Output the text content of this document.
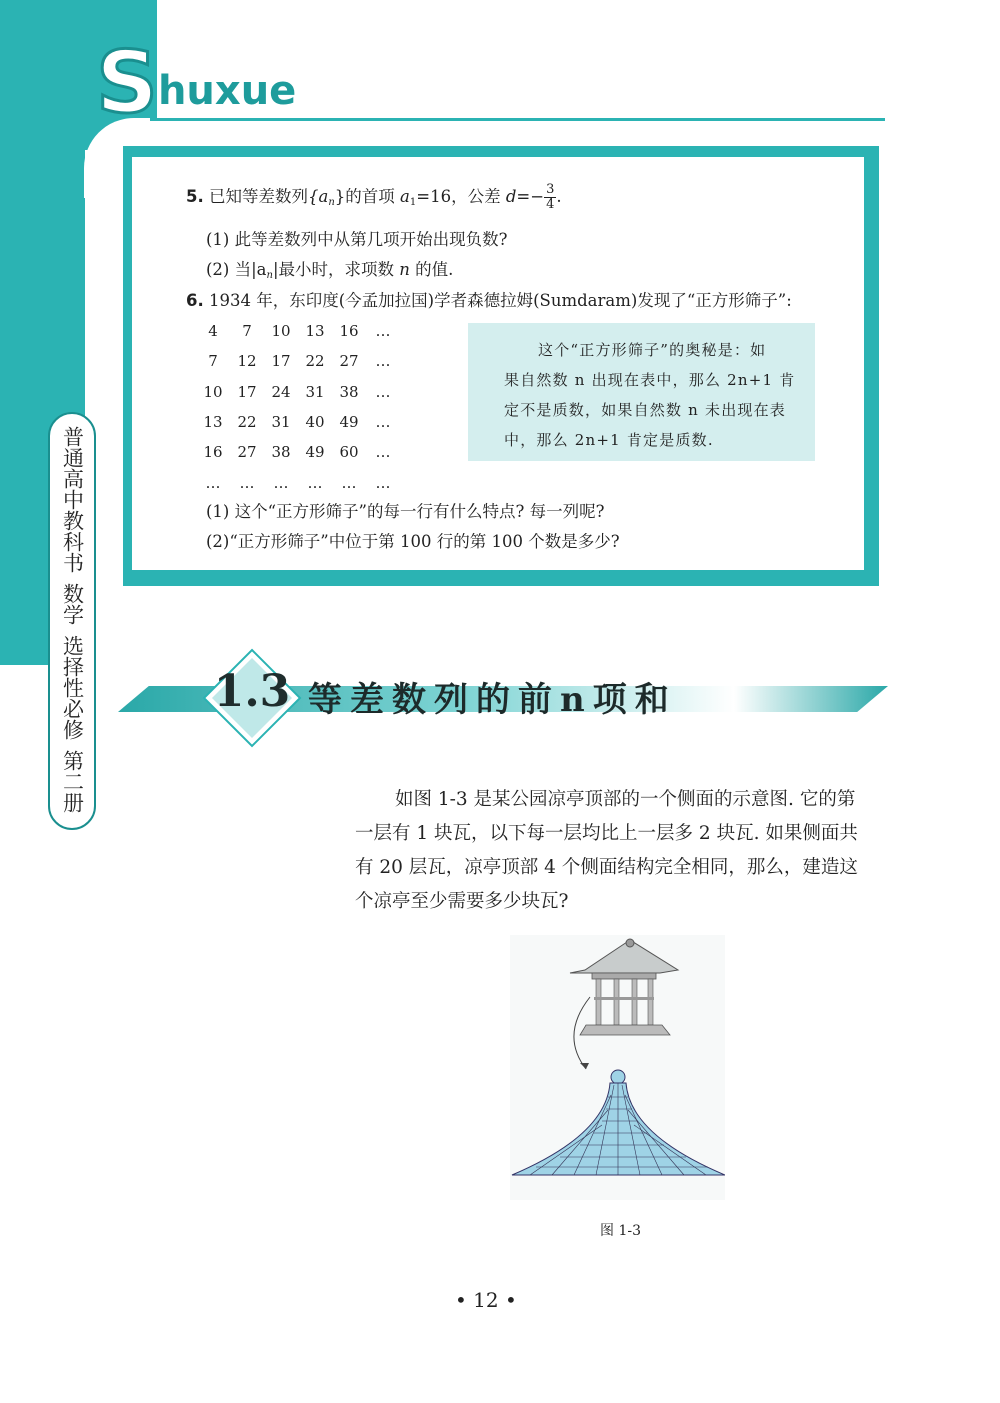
Shuxue
普
通
高
中
教
科
书
数
学
选
择
性
必
修
第
二
册
5. 已知等差数列$\{a_n\}$的首项 $a_1=16$，公差 $d=- \frac{3}{4}$ .
(1) 此等差数列中从第几项开始出现负数?
(2) 当$|a_n|$最小时，求项数 n 的值.
6. 1934 年，东印度(今孟加拉国)学者森德拉姆(Sumdaram)发现了“正方形筛子”:
4	7	10 13 16	…
7	12 17 22 27	…
10 17 24 31 38	…
13 22 31 40 49	…
16 27 38 49 60	…
…	…	…	…	…	…

这个“正方形筛子”的奥秘是：如

果自然数 n 出现在表中，那么 2n+1 肯

定不是质数，如果自然数 n 未出现在表

中，那么 2n+1 肯定是质数.

(1) 这个“正方形筛子”的每一行有什么特点? 每一列呢?
(2)“正方形筛子”中位于第 100 行的第 100 个数是多少?
1.3 等差数列的前n项和

如图 1-3 是某公园凉亭顶部的一个侧面的示意图. 它的第

一层有 1 块瓦，以下每一层均比上一层多 2 块瓦. 如果侧面共

有 20 层瓦，凉亭顶部 4 个侧面结构完全相同，那么，建造这

个凉亭至少需要多少块瓦?

图 1-3
• 12 •
